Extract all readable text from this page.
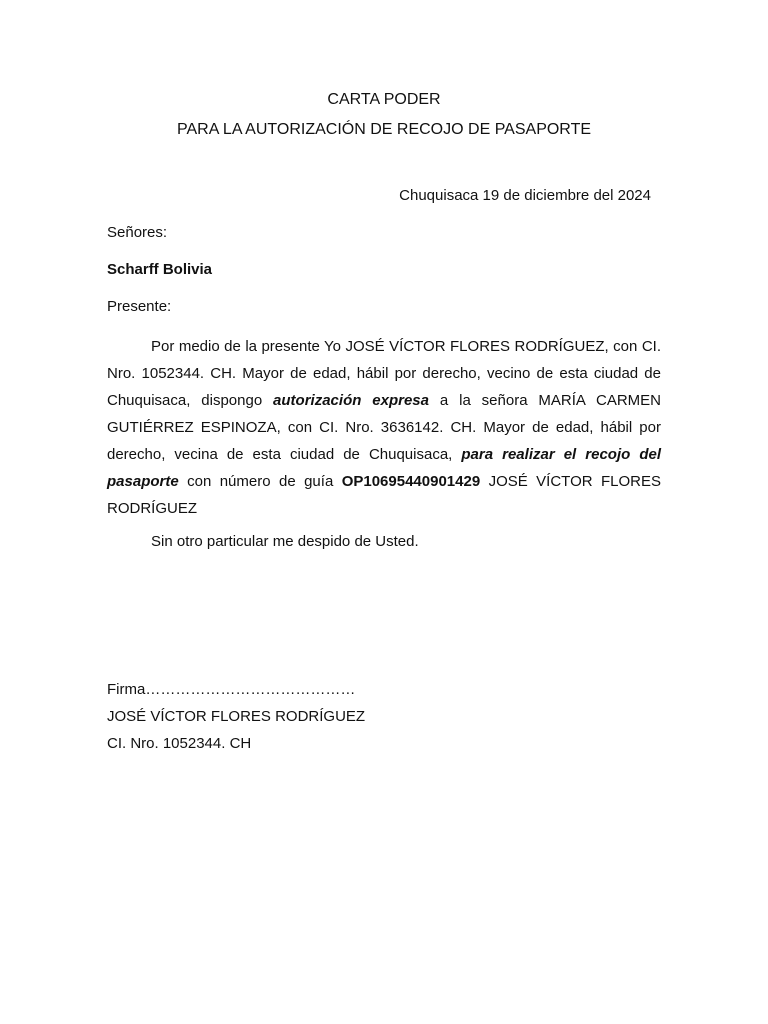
CARTA PODER
PARA LA AUTORIZACIÓN DE RECOJO DE PASAPORTE

Chuquisaca 19 de diciembre del 2024

Señores:

Scharff Bolivia

Presente:

Por medio de la presente Yo JOSÉ VÍCTOR FLORES RODRÍGUEZ, con CI. Nro. 1052344. CH. Mayor de edad, hábil por derecho, vecino de esta ciudad de Chuquisaca, dispongo autorización expresa a la señora MARÍA CARMEN GUTIÉRREZ ESPINOZA, con CI. Nro. 3636142. CH. Mayor de edad, hábil por derecho, vecina de esta ciudad de Chuquisaca, para realizar el recojo del pasaporte con número de guía OP10695440901429 JOSÉ VÍCTOR FLORES RODRÍGUEZ

Sin otro particular me despido de Usted.

Firma……………………………………

JOSÉ VÍCTOR FLORES RODRÍGUEZ

CI. Nro. 1052344. CH
